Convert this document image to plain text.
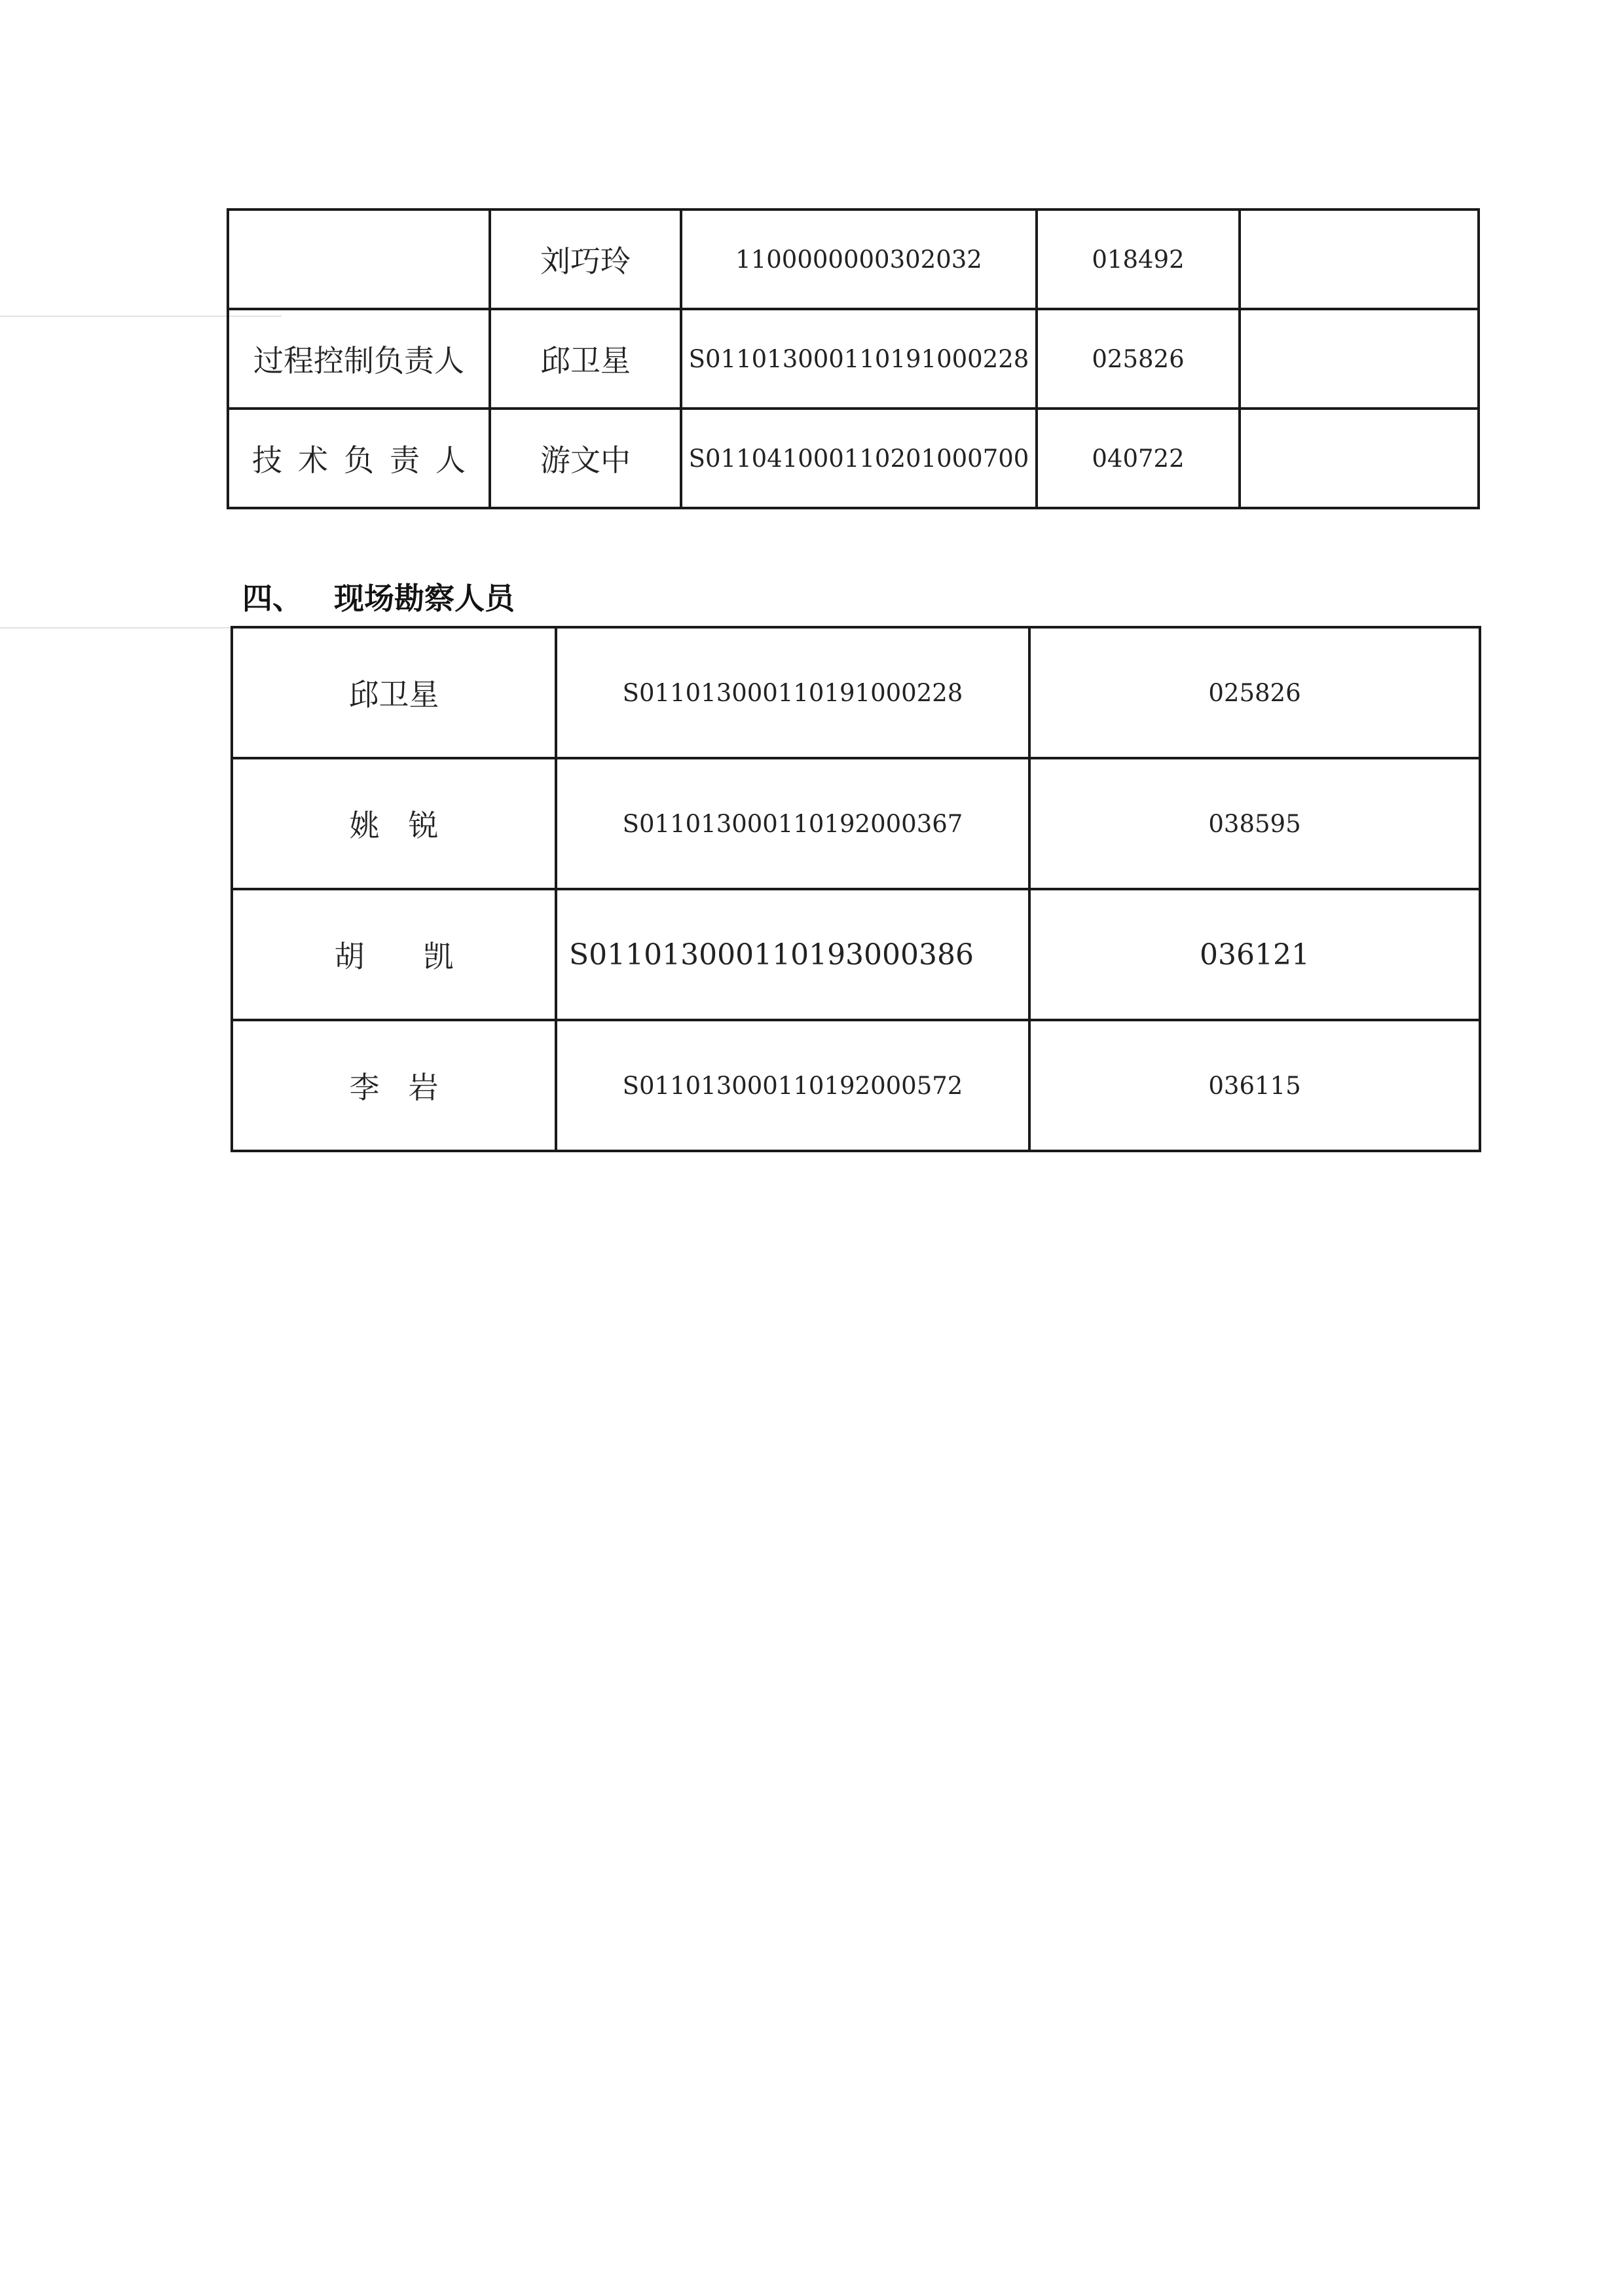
	刘巧玲	1100000000302032	018492	
过程控制负责人	邱卫星	S011013000110191000228	025826	
技术负责人	游文中	S011041000110201000700	040722	
四、 现场勘察人员
邱卫星	S011013000110191000228	025826
姚锐	S011013000110192000367	038595
胡凯	S011013000110193000386	036121
李岩	S011013000110192000572	036115
